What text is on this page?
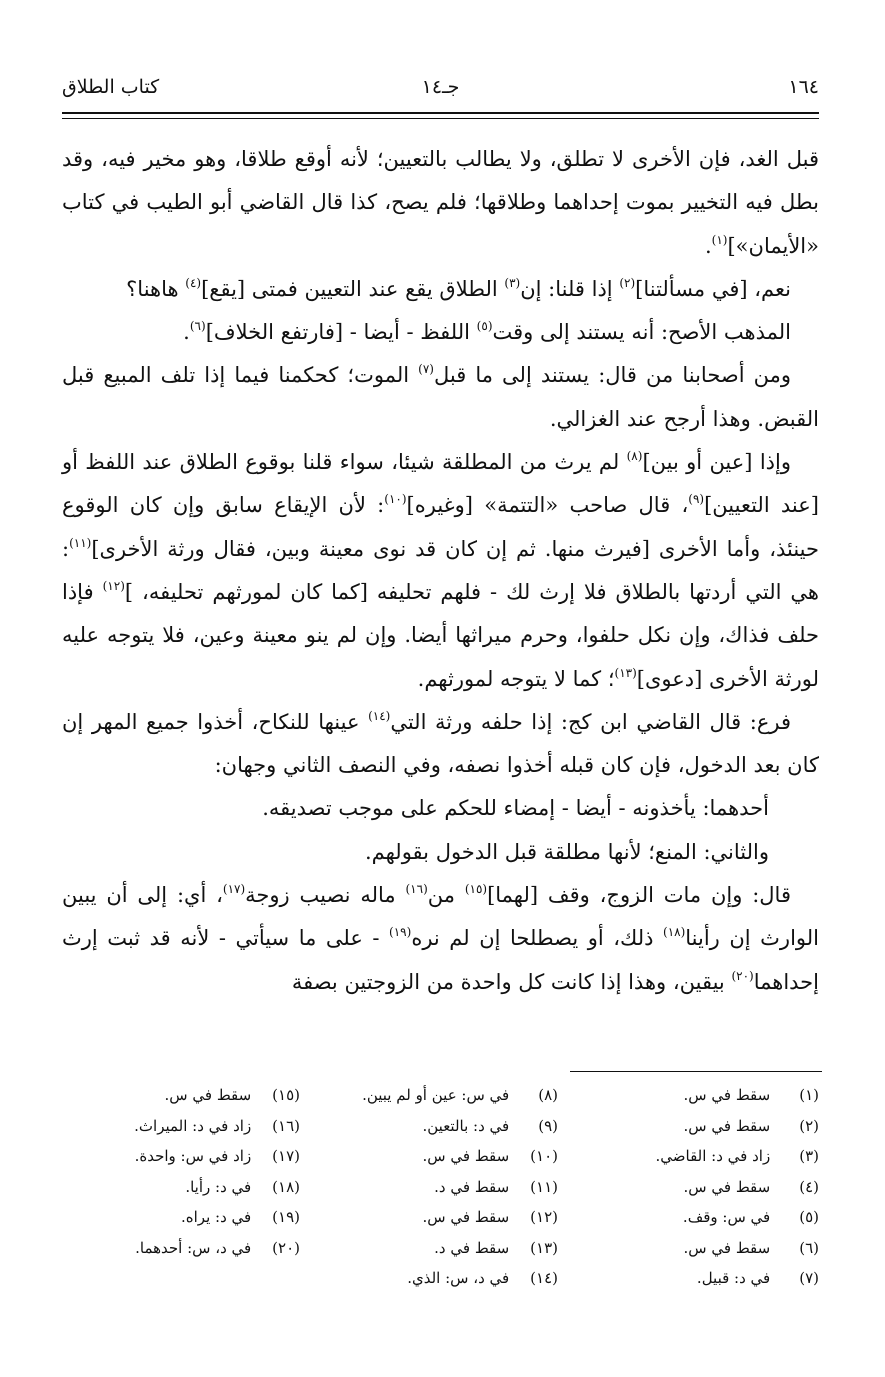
١٦٤
جـ١٤
كتاب الطلاق

قبل الغد، فإن الأخرى لا تطلق، ولا يطالب بالتعيين؛ لأنه أوقع طلاقا، وهو مخير فيه، وقد بطل فيه التخيير بموت إحداهما وطلاقها؛ فلم يصح، كذا قال القاضي أبو الطيب في كتاب «الأيمان»]$^{(١)}$.

نعم، [في مسألتنا]$^{(٢)}$ إذا قلنا: إن$^{(٣)}$ الطلاق يقع عند التعيين فمتى [يقع]$^{(٤)}$ هاهنا؟

المذهب الأصح: أنه يستند إلى وقت$^{(٥)}$ اللفظ - أيضا - [فارتفع الخلاف]$^{(٦)}$.

ومن أصحابنا من قال: يستند إلى ما قبل$^{(٧)}$ الموت؛ كحكمنا فيما إذا تلف المبيع قبل القبض. وهذا أرجح عند الغزالي.

وإذا [عين أو بين]$^{(٨)}$ لم يرث من المطلقة شيئا، سواء قلنا بوقوع الطلاق عند اللفظ أو [عند التعيين]$^{(٩)}$، قال صاحب «التتمة» [وغيره]$^{(١٠)}$: لأن الإيقاع سابق وإن كان الوقوع حينئذ، وأما الأخرى [فيرث منها. ثم إن كان قد نوى معينة وبين، فقال ورثة الأخرى]$^{(١١)}$: هي التي أردتها بالطلاق فلا إرث لك - فلهم تحليفه [كما كان لمورثهم تحليفه، ]$^{(١٢)}$ فإذا حلف فذاك، وإن نكل حلفوا، وحرم ميراثها أيضا. وإن لم ينو معينة وعين، فلا يتوجه عليه لورثة الأخرى [دعوى]$^{(١٣)}$؛ كما لا يتوجه لمورثهم.

فرع: قال القاضي ابن كج: إذا حلفه ورثة التي$^{(١٤)}$ عينها للنكاح، أخذوا جميع المهر إن كان بعد الدخول، فإن كان قبله أخذوا نصفه، وفي النصف الثاني وجهان:

أحدهما: يأخذونه - أيضا - إمضاء للحكم على موجب تصديقه.

والثاني: المنع؛ لأنها مطلقة قبل الدخول بقولهم.

قال: وإن مات الزوج، وقف [لهما]$^{(١٥)}$ من$^{(١٦)}$ ماله نصيب زوجة$^{(١٧)}$، أي: إلى أن يبين الوارث إن رأينا$^{(١٨)}$ ذلك، أو يصطلحا إن لم نره$^{(١٩)}$ - على ما سيأتي - لأنه قد ثبت إرث إحداهما$^{(٢٠)}$ بيقين، وهذا إذا كانت كل واحدة من الزوجتين بصفة

(١) سقط في س.
(٢) سقط في س.
(٣) زاد في د: القاضي.
(٤) سقط في س.
(٥) في س: وقف.
(٦) سقط في س.
(٧) في د: قبيل.
(٨) في س: عين أو لم يبين.
(٩) في د: بالتعين.
(١٠) سقط في س.
(١١) سقط في د.
(١٢) سقط في س.
(١٣) سقط في د.
(١٤) في د، س: الذي.
(١٥) سقط في س.
(١٦) زاد في د: الميراث.
(١٧) زاد في س: واحدة.
(١٨) في د: رأيا.
(١٩) في د: يراه.
(٢٠) في د، س: أحدهما.
